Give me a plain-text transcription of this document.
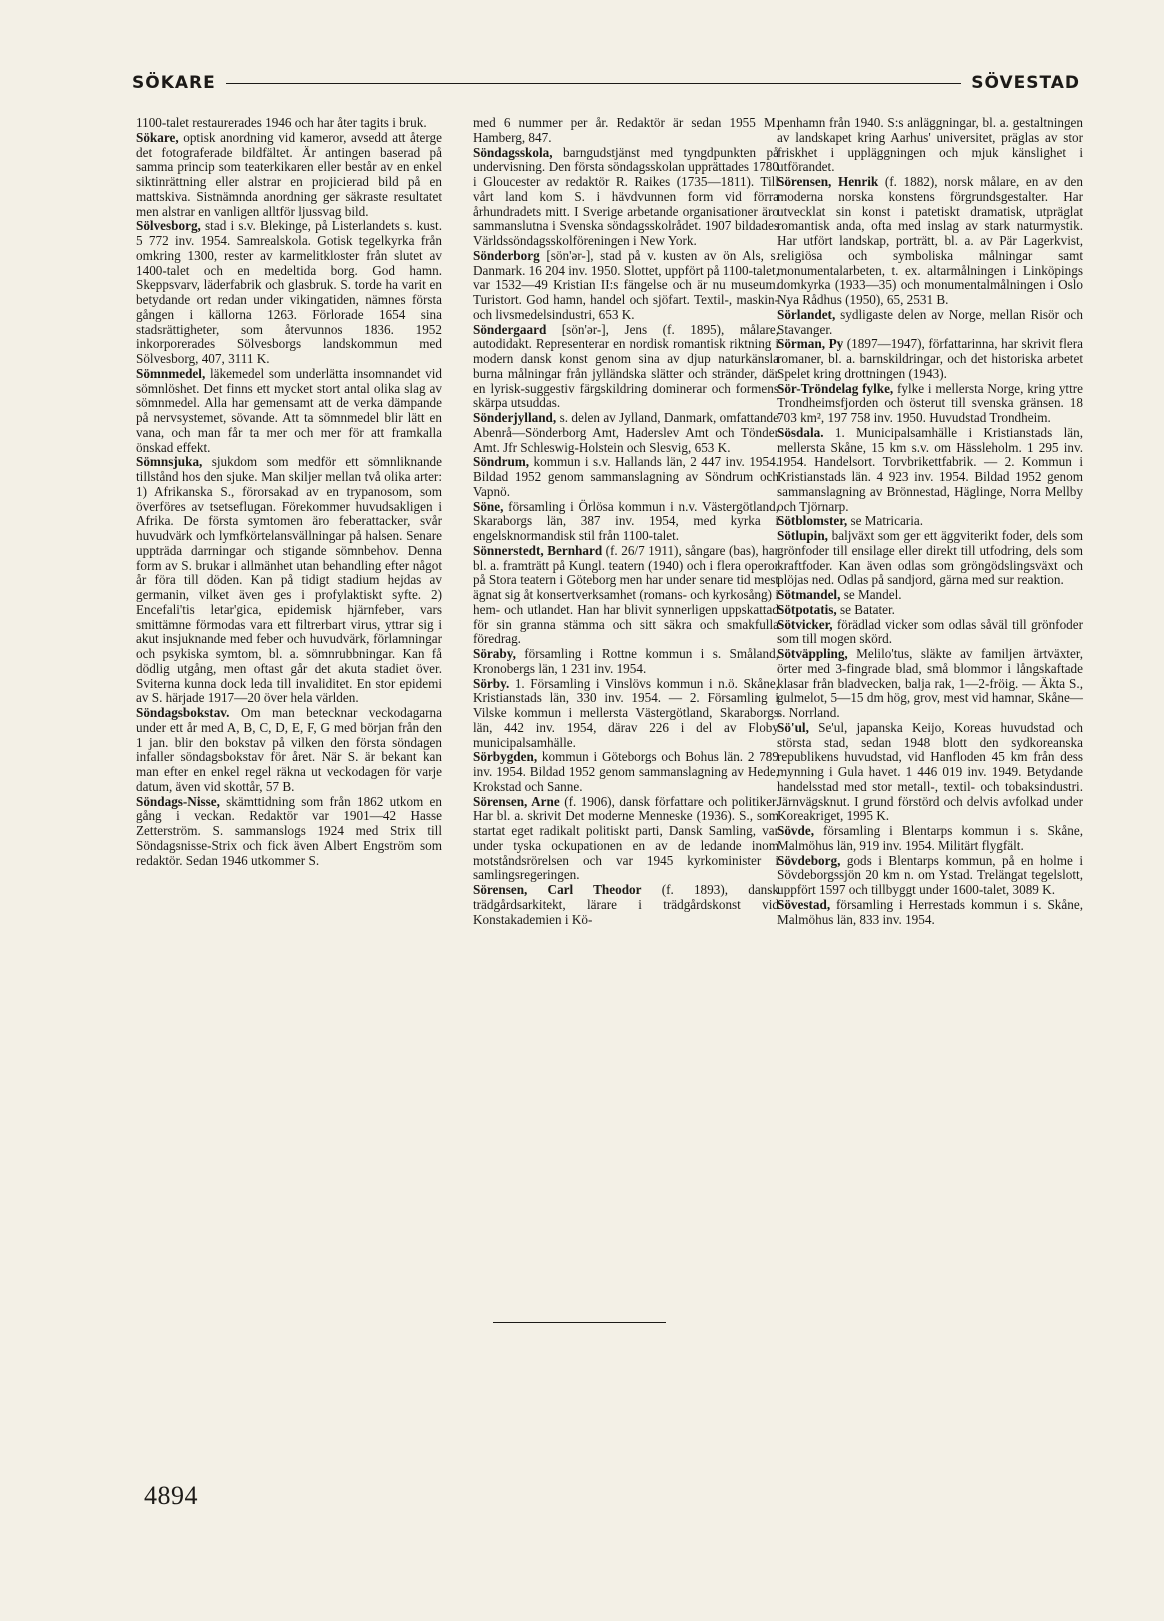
SÖKARE	SÖVESTAD

1100-talet restaurerades 1946 och har åter tagits i bruk.

Sökare, optisk anordning vid kameror, avsedd att återge det fotograferade bildfältet. Är antingen baserad på samma princip som teaterkikaren eller består av en enkel siktinrättning eller alstrar en projicierad bild på en mattskiva. Sistnämnda anordning ger säkraste resultatet men alstrar en vanligen alltför ljussvag bild.

Sölvesborg, stad i s.v. Blekinge, på Listerlandets s. kust. 5 772 inv. 1954. Samrealskola. Gotisk tegelkyrka från omkring 1300, rester av karmelitkloster från slutet av 1400-talet och en medeltida borg. God hamn. Skeppsvarv, läderfabrik och glasbruk. S. torde ha varit en betydande ort redan under vikingatiden, nämnes första gången i källorna 1263. Förlorade 1654 sina stadsrättigheter, som återvunnos 1836. 1952 inkorporerades Sölvesborgs landskommun med Sölvesborg, 407, 3111 K.

Sömnmedel, läkemedel som underlätta insomnandet vid sömnlöshet. Det finns ett mycket stort antal olika slag av sömnmedel. Alla har gemensamt att de verka dämpande på nervsystemet, sövande. Att ta sömnmedel blir lätt en vana, och man får ta mer och mer för att framkalla önskad effekt.

Sömnsjuka, sjukdom som medför ett sömnliknande tillstånd hos den sjuke. Man skiljer mellan två olika arter: 1) Afrikanska S., förorsakad av en trypanosom, som överföres av tsetseflugan. Förekommer huvudsakligen i Afrika. De första symtomen äro feberattacker, svår huvudvärk och lymfkörtelansvällningar på halsen. Senare uppträda darrningar och stigande sömnbehov. Denna form av S. brukar i allmänhet utan behandling efter något år föra till döden. Kan på tidigt stadium hejdas av germanin, vilket även ges i profylaktiskt syfte. 2) Encefali'tis letar'gica, epidemisk hjärnfeber, vars smittämne förmodas vara ett filtrerbart virus, yttrar sig i akut insjuknande med feber och huvudvärk, förlamningar och psykiska symtom, bl. a. sömnrubbningar. Kan få dödlig utgång, men oftast går det akuta stadiet över. Sviterna kunna dock leda till invaliditet. En stor epidemi av S. härjade 1917—20 över hela världen.

Söndagsbokstav. Om man betecknar veckodagarna under ett år med A, B, C, D, E, F, G med början från den 1 jan. blir den bokstav på vilken den första söndagen infaller söndagsbokstav för året. När S. är bekant kan man efter en enkel regel räkna ut veckodagen för varje datum, även vid skottår, 57 B.

Söndags-Nisse, skämttidning som från 1862 utkom en gång i veckan. Redaktör var 1901—42 Hasse Zetterström. S. sammanslogs 1924 med Strix till Söndagsnisse-Strix och fick även Albert Engström som redaktör. Sedan 1946 utkommer S.

med 6 nummer per år. Redaktör är sedan 1955 M. Hamberg, 847.

Söndagsskola, barngudstjänst med tyngdpunkten på undervisning. Den första söndagsskolan upprättades 1780 i Gloucester av redaktör R. Raikes (1735—1811). Till vårt land kom S. i hävdvunnen form vid förra århundradets mitt. I Sverige arbetande organisationer äro sammanslutna i Svenska söndagsskolrådet. 1907 bildades Världssöndagsskolföreningen i New York.

Sönderborg [sön'ər-], stad på v. kusten av ön Als, s. Danmark. 16 204 inv. 1950. Slottet, uppfört på 1100-talet, var 1532—49 Kristian II:s fängelse och är nu museum. Turistort. God hamn, handel och sjöfart. Textil-, maskin- och livsmedelsindustri, 653 K.

Söndergaard [sön'ər-], Jens (f. 1895), målare, autodidakt. Representerar en nordisk romantisk riktning i modern dansk konst genom sina av djup naturkänsla burna målningar från jylländska slätter och stränder, där en lyrisk-suggestiv färgskildring dominerar och formens skärpa utsuddas.

Sönderjylland, s. delen av Jylland, Danmark, omfattande Abenrå—Sönderborg Amt, Haderslev Amt och Tönder Amt. Jfr Schleswig-Holstein och Slesvig, 653 K.

Söndrum, kommun i s.v. Hallands län, 2 447 inv. 1954. Bildad 1952 genom sammanslagning av Söndrum och Vapnö.

Söne, församling i Örlösa kommun i n.v. Västergötland, Skaraborgs län, 387 inv. 1954, med kyrka i engelsknormandisk stil från 1100-talet.

Sönnerstedt, Bernhard (f. 26/7 1911), sångare (bas), har bl. a. framträtt på Kungl. teatern (1940) och i flera operor på Stora teatern i Göteborg men har under senare tid mest ägnat sig åt konsertverksamhet (romans- och kyrkosång) i hem- och utlandet. Han har blivit synnerligen uppskattad för sin granna stämma och sitt säkra och smakfulla föredrag.

Söraby, församling i Rottne kommun i s. Småland, Kronobergs län, 1 231 inv. 1954.

Sörby. 1. Församling i Vinslövs kommun i n.ö. Skåne, Kristianstads län, 330 inv. 1954. — 2. Församling i Vilske kommun i mellersta Västergötland, Skaraborgs län, 442 inv. 1954, därav 226 i del av Floby municipalsamhälle.

Sörbygden, kommun i Göteborgs och Bohus län. 2 789 inv. 1954. Bildad 1952 genom sammanslagning av Hede, Krokstad och Sanne.

Sörensen, Arne (f. 1906), dansk författare och politiker. Har bl. a. skrivit Det moderne Menneske (1936). S., som startat eget radikalt politiskt parti, Dansk Samling, var under tyska ockupationen en av de ledande inom motståndsrörelsen och var 1945 kyrkominister i samlingsregeringen.

Sörensen, Carl Theodor (f. 1893), dansk trädgårdsarkitekt, lärare i trädgårdskonst vid Konstakademien i Kö-

penhamn från 1940. S:s anläggningar, bl. a. gestaltningen av landskapet kring Aarhus' universitet, präglas av stor friskhet i uppläggningen och mjuk känslighet i utförandet.

Sörensen, Henrik (f. 1882), norsk målare, en av den moderna norska konstens förgrundsgestalter. Har utvecklat sin konst i patetiskt dramatisk, utpräglat romantisk anda, ofta med inslag av stark naturmystik. Har utfört landskap, porträtt, bl. a. av Pär Lagerkvist, religiösa och symboliska målningar samt monumentalarbeten, t. ex. altarmålningen i Linköpings domkyrka (1933—35) och monumentalmålningen i Oslo Nya Rådhus (1950), 65, 2531 B.

Sörlandet, sydligaste delen av Norge, mellan Risör och Stavanger.

Sörman, Py (1897—1947), författarinna, har skrivit flera romaner, bl. a. barnskildringar, och det historiska arbetet Spelet kring drottningen (1943).

Sör-Tröndelag fylke, fylke i mellersta Norge, kring yttre Trondheimsfjorden och österut till svenska gränsen. 18 703 km², 197 758 inv. 1950. Huvudstad Trondheim.

Sösdala. 1. Municipalsamhälle i Kristianstads län, mellersta Skåne, 15 km s.v. om Hässleholm. 1 295 inv. 1954. Handelsort. Torvbrikettfabrik. — 2. Kommun i Kristianstads län. 4 923 inv. 1954. Bildad 1952 genom sammanslagning av Brönnestad, Häglinge, Norra Mellby och Tjörnarp.

Sötblomster, se Matricaria.

Sötlupin, baljväxt som ger ett äggviterikt foder, dels som grönfoder till ensilage eller direkt till utfodring, dels som kraftfoder. Kan även odlas som gröngödslingsväxt och plöjas ned. Odlas på sandjord, gärna med sur reaktion.

Sötmandel, se Mandel.

Sötpotatis, se Batater.

Sötvicker, förädlad vicker som odlas såväl till grönfoder som till mogen skörd.

Sötväppling, Melilo'tus, släkte av familjen ärtväxter, örter med 3-fingrade blad, små blommor i långskaftade klasar från bladvecken, balja rak, 1—2-fröig. — Äkta S., gulmelot, 5—15 dm hög, grov, mest vid hamnar, Skåne—s. Norrland.

Sö'ul, Se'ul, japanska Keijo, Koreas huvudstad och största stad, sedan 1948 blott den sydkoreanska republikens huvudstad, vid Hanfloden 45 km från dess mynning i Gula havet. 1 446 019 inv. 1949. Betydande handelsstad med stor metall-, textil- och tobaksindustri. Järnvägsknut. I grund förstörd och delvis avfolkad under Koreakriget, 1995 K.

Sövde, församling i Blentarps kommun i s. Skåne, Malmöhus län, 919 inv. 1954. Militärt flygfält.

Sövdeborg, gods i Blentarps kommun, på en holme i Sövdeborgssjön 20 km n. om Ystad. Trelängat tegelslott, uppfört 1597 och tillbyggt under 1600-talet, 3089 K.

Sövestad, församling i Herrestads kommun i s. Skåne, Malmöhus län, 833 inv. 1954.

4894
